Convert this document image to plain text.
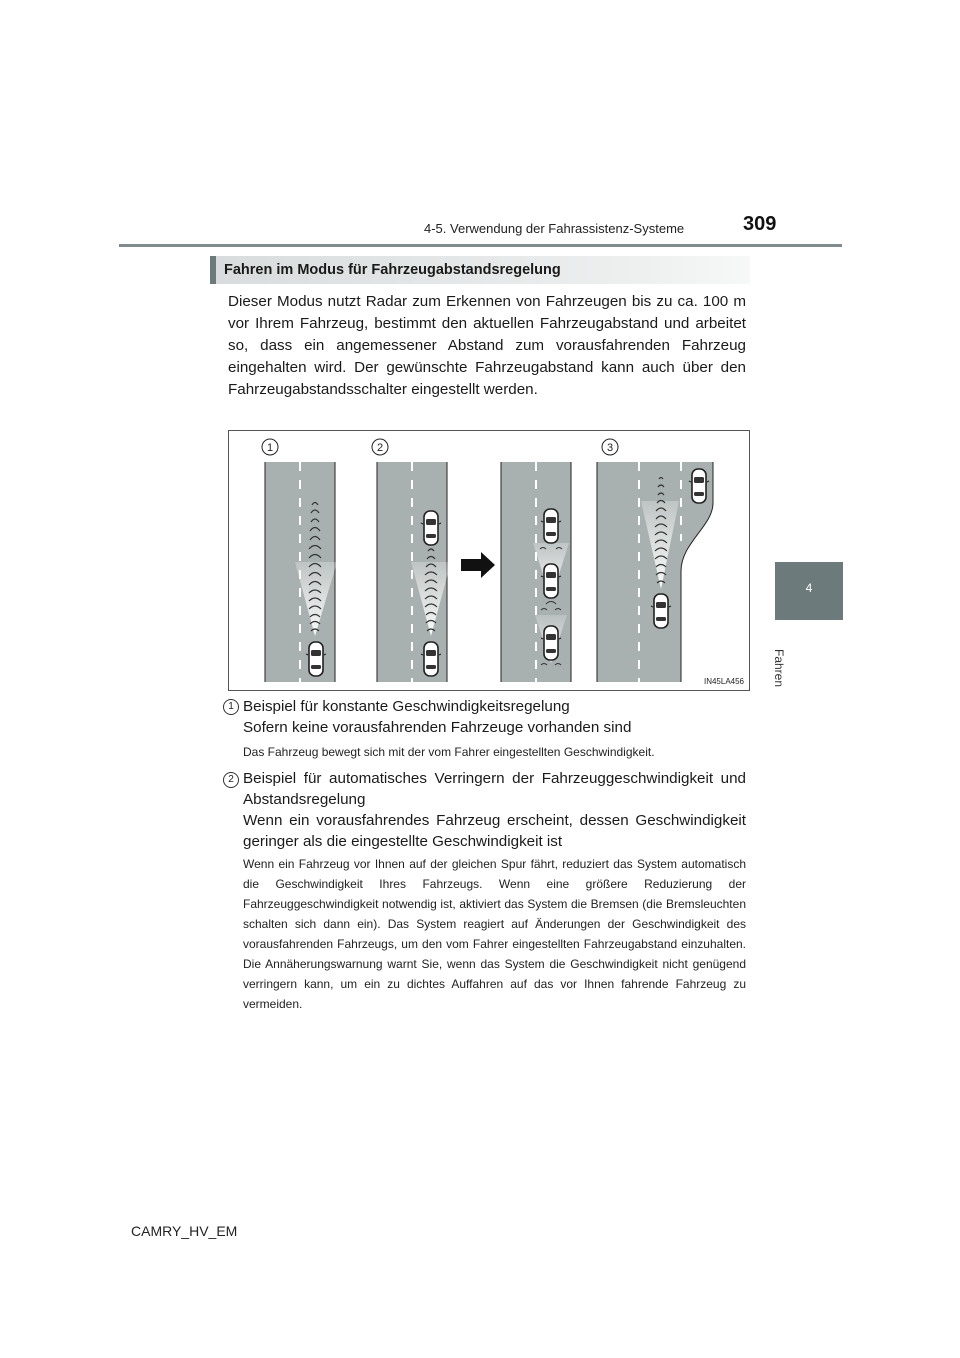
4-5. Verwendung der Fahrassistenz-Systeme	309
4
Fahren
Fahren im Modus für Fahrzeugabstandsregelung

Dieser Modus nutzt Radar zum Erkennen von Fahrzeugen bis zu ca. 100 m vor Ihrem Fahrzeug, bestimmt den aktuellen Fahrzeugabstand und arbeitet so, dass ein angemessener Abstand zum vorausfahrenden Fahrzeug eingehalten wird. Der gewünschte Fahrzeugabstand kann auch über den Fahrzeugabstandsschalter eingestellt werden.

1	2	3
IN45LA456
1 Beispiel für konstante Geschwindigkeitsregelung
Sofern keine vorausfahrenden Fahrzeuge vorhanden sind

Das Fahrzeug bewegt sich mit der vom Fahrer eingestellten Geschwindigkeit.

2 Beispiel für automatisches Verringern der Fahrzeuggeschwindigkeit und Abstandsregelung
Wenn ein vorausfahrendes Fahrzeug erscheint, dessen Geschwindigkeit geringer als die eingestellte Geschwindigkeit ist

Wenn ein Fahrzeug vor Ihnen auf der gleichen Spur fährt, reduziert das System automatisch die Geschwindigkeit Ihres Fahrzeugs. Wenn eine größere Reduzierung der Fahrzeuggeschwindigkeit notwendig ist, aktiviert das System die Bremsen (die Bremsleuchten schalten sich dann ein). Das System reagiert auf Änderungen der Geschwindigkeit des vorausfahrenden Fahrzeugs, um den vom Fahrer eingestellten Fahrzeugabstand einzuhalten. Die Annäherungswarnung warnt Sie, wenn das System die Geschwindigkeit nicht genügend verringern kann, um ein zu dichtes Auffahren auf das vor Ihnen fahrende Fahrzeug zu vermeiden.

CAMRY_HV_EM
